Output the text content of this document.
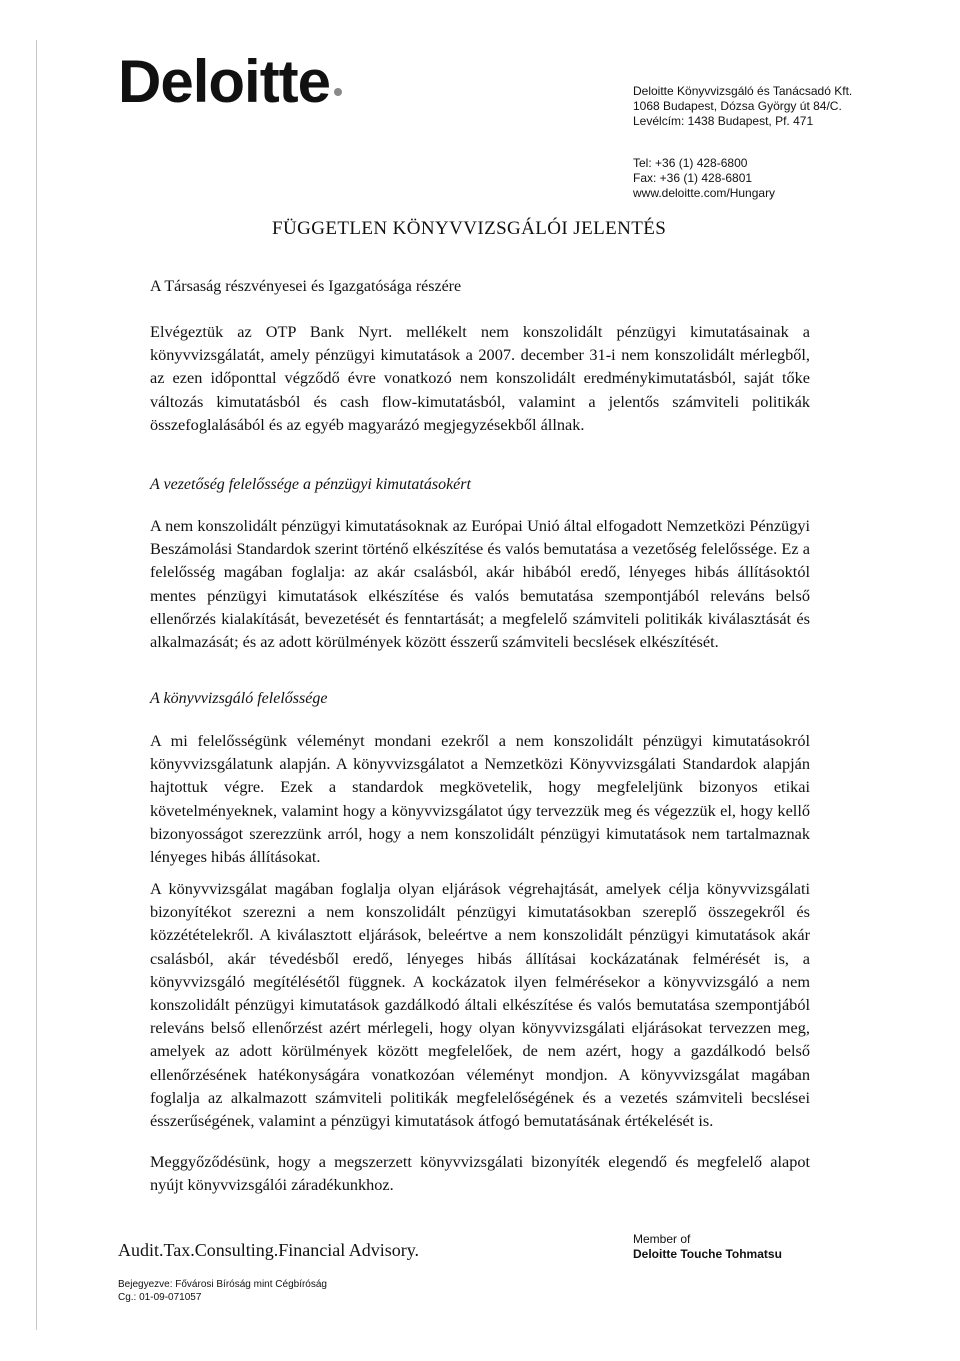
Deloitte	Deloitte Könyvvizsgáló és Tanácsadó Kft.
1068 Budapest, Dózsa György út 84/C.
Levélcím: 1438 Budapest, Pf. 471
Tel: +36 (1) 428-6800
Fax: +36 (1) 428-6801
www.deloitte.com/Hungary
FÜGGETLEN KÖNYVVIZSGÁLÓI JELENTÉS
A Társaság részvényesei és Igazgatósága részére

Elvégeztük az OTP Bank Nyrt. mellékelt nem konszolidált pénzügyi kimutatásainak a könyvvizsgálatát, amely pénzügyi kimutatások a 2007. december 31-i nem konszolidált mérlegből, az ezen időponttal végződő évre vonatkozó nem konszolidált eredménykimutatásból, saját tőke változás kimutatásból és cash flow-kimutatásból, valamint a jelentős számviteli politikák összefoglalásából és az egyéb magyarázó megjegyzésekből állnak.

A vezetőség felelőssége a pénzügyi kimutatásokért

A nem konszolidált pénzügyi kimutatásoknak az Európai Unió által elfogadott Nemzetközi Pénzügyi Beszámolási Standardok szerint történő elkészítése és valós bemutatása a vezetőség felelőssége. Ez a felelősség magában foglalja: az akár csalásból, akár hibából eredő, lényeges hibás állításoktól mentes pénzügyi kimutatások elkészítése és valós bemutatása szempontjából releváns belső ellenőrzés kialakítását, bevezetését és fenntartását; a megfelelő számviteli politikák kiválasztását és alkalmazását; és az adott körülmények között ésszerű számviteli becslések elkészítését.

A könyvvizsgáló felelőssége

A mi felelősségünk véleményt mondani ezekről a nem konszolidált pénzügyi kimutatásokról könyvvizsgálatunk alapján. A könyvvizsgálatot a Nemzetközi Könyvvizsgálati Standardok alapján hajtottuk végre. Ezek a standardok megkövetelik, hogy megfeleljünk bizonyos etikai követelményeknek, valamint hogy a könyvvizsgálatot úgy tervezzük meg és végezzük el, hogy kellő bizonyosságot szerezzünk arról, hogy a nem konszolidált pénzügyi kimutatások nem tartalmaznak lényeges hibás állításokat.

A könyvvizsgálat magában foglalja olyan eljárások végrehajtását, amelyek célja könyvvizsgálati bizonyítékot szerezni a nem konszolidált pénzügyi kimutatásokban szereplő összegekről és közzétételekről. A kiválasztott eljárások, beleértve a nem konszolidált pénzügyi kimutatások akár csalásból, akár tévedésből eredő, lényeges hibás állításai kockázatának felmérését is, a könyvvizsgáló megítélésétől függnek. A kockázatok ilyen felmérésekor a könyvvizsgáló a nem konszolidált pénzügyi kimutatások gazdálkodó általi elkészítése és valós bemutatása szempontjából releváns belső ellenőrzést azért mérlegeli, hogy olyan könyvvizsgálati eljárásokat tervezzen meg, amelyek az adott körülmények között megfelelőek, de nem azért, hogy a gazdálkodó belső ellenőrzésének hatékonyságára vonatkozóan véleményt mondjon. A könyvvizsgálat magában foglalja az alkalmazott számviteli politikák megfelelőségének és a vezetés számviteli becslései ésszerűségének, valamint a pénzügyi kimutatások átfogó bemutatásának értékelését is.

Meggyőződésünk, hogy a megszerzett könyvvizsgálati bizonyíték elegendő és megfelelő alapot nyújt könyvvizsgálói záradékunkhoz.

Audit.Tax.Consulting.Financial Advisory.
Member of
Deloitte Touche Tohmatsu
Bejegyezve: Fővárosi Bíróság mint Cégbíróság
Cg.: 01-09-071057
